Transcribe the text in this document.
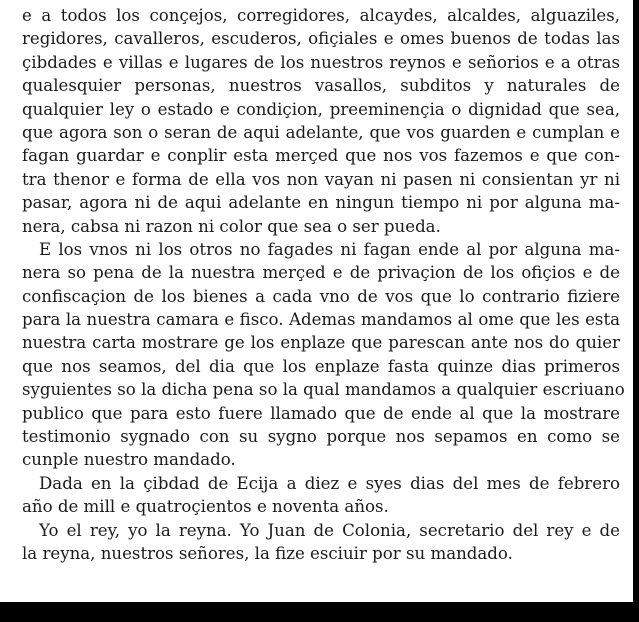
e a todos los conçejos, corregidores, alcaydes, alcaldes, alguaziles,
regidores, cavalleros, escuderos, ofiçiales e omes buenos de todas las
çibdades e villas e lugares de los nuestros reynos e señorios e a otras
qualesquier personas, nuestros vasallos, subditos y naturales de
qualquier ley o estado e condiçion, preeminençia o dignidad que sea,
que agora son o seran de aqui adelante, que vos guarden e cumplan e
fagan guardar e conplir esta merçed que nos vos fazemos e que con-
tra thenor e forma de ella vos non vayan ni pasen ni consientan yr ni
pasar, agora ni de aqui adelante en ningun tiempo ni por alguna ma-
nera, cabsa ni razon ni color que sea o ser pueda.
E los vnos ni los otros no fagades ni fagan ende al por alguna ma-
nera so pena de la nuestra merçed e de privaçion de los ofiçios e de
confiscaçion de los bienes a cada vno de vos que lo contrario fiziere
para la nuestra camara e fisco. Ademas mandamos al ome que les esta
nuestra carta mostrare ge los enplaze que parescan ante nos do quier
que nos seamos, del dia que los enplaze fasta quinze dias primeros
syguientes so la dicha pena so la qual mandamos a qualquier escriuano
publico que para esto fuere llamado que de ende al que la mostrare
testimonio sygnado con su sygno porque nos sepamos en como se
cunple nuestro mandado.
Dada en la çibdad de Ecija a diez e syes dias del mes de febrero
año de mill e quatroçientos e noventa años.
Yo el rey, yo la reyna. Yo Juan de Colonia, secretario del rey e de
la reyna, nuestros señores, la fize esciuir por su mandado.
